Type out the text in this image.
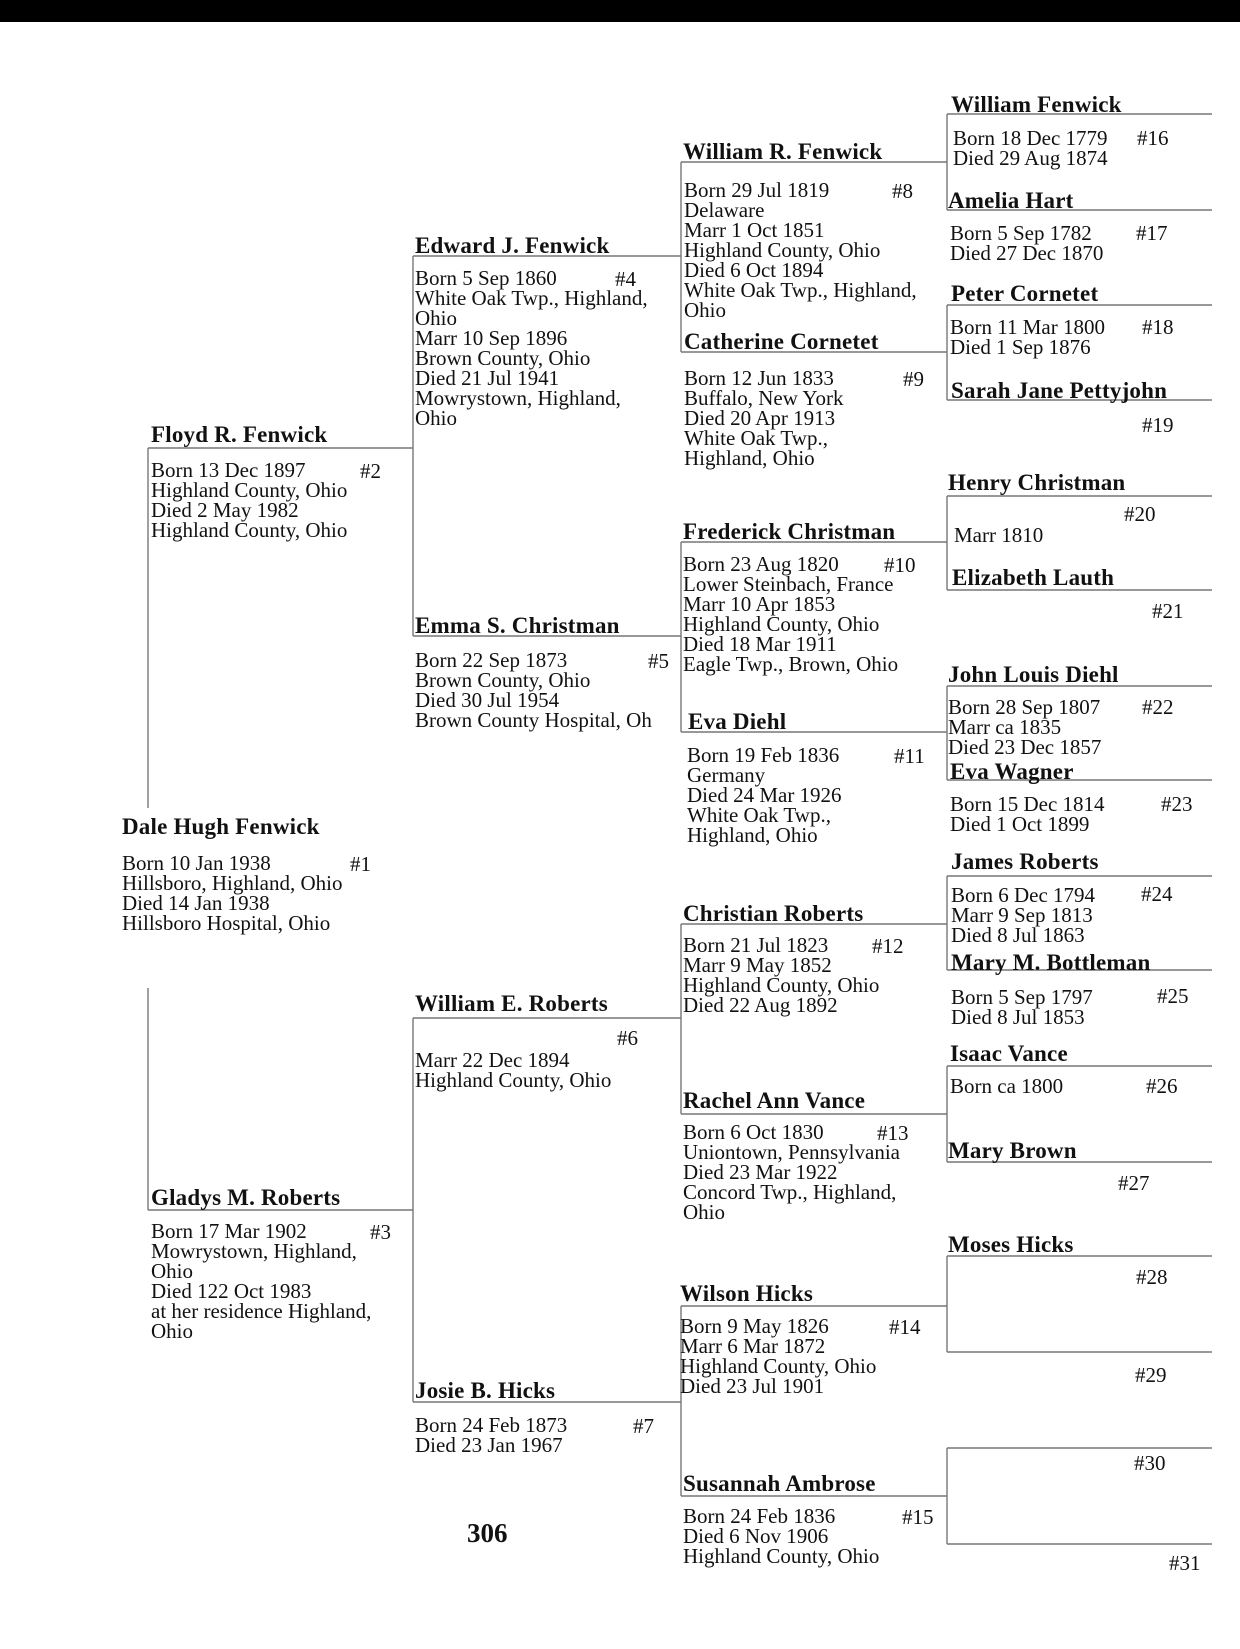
Dale Hugh Fenwick
Born 10 Jan 1938
Hillsboro, Highland, Ohio
Died 14 Jan 1938
Hillsboro Hospital, Ohio
#1
Floyd R. Fenwick
Born 13 Dec 1897
Highland County, Ohio
Died 2 May 1982
Highland County, Ohio
#2
Gladys M. Roberts
Born 17 Mar 1902
Mowrystown, Highland,
Ohio
Died 122 Oct 1983
at her residence Highland,
Ohio
#3
Edward J. Fenwick
Born 5 Sep 1860
White Oak Twp., Highland,
Ohio
Marr 10 Sep 1896
Brown County, Ohio
Died 21 Jul 1941
Mowrystown, Highland,
Ohio
#4
Emma S. Christman
Born 22 Sep 1873
Brown County, Ohio
Died 30 Jul 1954
Brown County Hospital, Oh
#5
William E. Roberts
#6
Marr 22 Dec 1894
Highland County, Ohio
Josie B. Hicks
Born 24 Feb 1873
Died 23 Jan 1967
#7
William R. Fenwick
Born 29 Jul 1819
Delaware
Marr 1 Oct 1851
Highland County, Ohio
Died 6 Oct 1894
White Oak Twp., Highland,
Ohio
#8
Catherine Cornetet
Born 12 Jun 1833
Buffalo, New York
Died 20 Apr 1913
White Oak Twp.,
Highland, Ohio
#9
Frederick Christman
Born 23 Aug 1820
Lower Steinbach, France
Marr 10 Apr 1853
Highland County, Ohio
Died 18 Mar 1911
Eagle Twp., Brown, Ohio
#10
Eva Diehl
Born 19 Feb 1836
Germany
Died 24 Mar 1926
White Oak Twp.,
Highland, Ohio
#11
Christian Roberts
Born 21 Jul 1823
Marr 9 May 1852
Highland County, Ohio
Died 22 Aug 1892
#12
Rachel Ann Vance
Born 6 Oct 1830
Uniontown, Pennsylvania
Died 23 Mar 1922
Concord Twp., Highland,
Ohio
#13
Wilson Hicks
Born 9 May 1826
Marr 6 Mar 1872
Highland County, Ohio
Died 23 Jul 1901
#14
Susannah Ambrose
Born 24 Feb 1836
Died 6 Nov 1906
Highland County, Ohio
#15
William Fenwick
Born 18 Dec 1779
Died 29 Aug 1874
#16
Amelia Hart
Born 5 Sep 1782
Died 27 Dec 1870
#17
Peter Cornetet
Born 11 Mar 1800
Died 1 Sep 1876
#18
Sarah Jane Pettyjohn
#19
Henry Christman
#20
Marr 1810
Elizabeth Lauth
#21
John Louis Diehl
Born 28 Sep 1807
Marr ca 1835
Died 23 Dec 1857
#22
Eva Wagner
Born 15 Dec 1814
Died 1 Oct 1899
#23
James Roberts
Born 6 Dec 1794
Marr 9 Sep 1813
Died 8 Jul 1863
#24
Mary M. Bottleman
Born 5 Sep 1797
Died 8 Jul 1853
#25
Isaac Vance
Born ca 1800	#26
Mary Brown
#27
Moses Hicks
#28
#29
#30
#31
306
